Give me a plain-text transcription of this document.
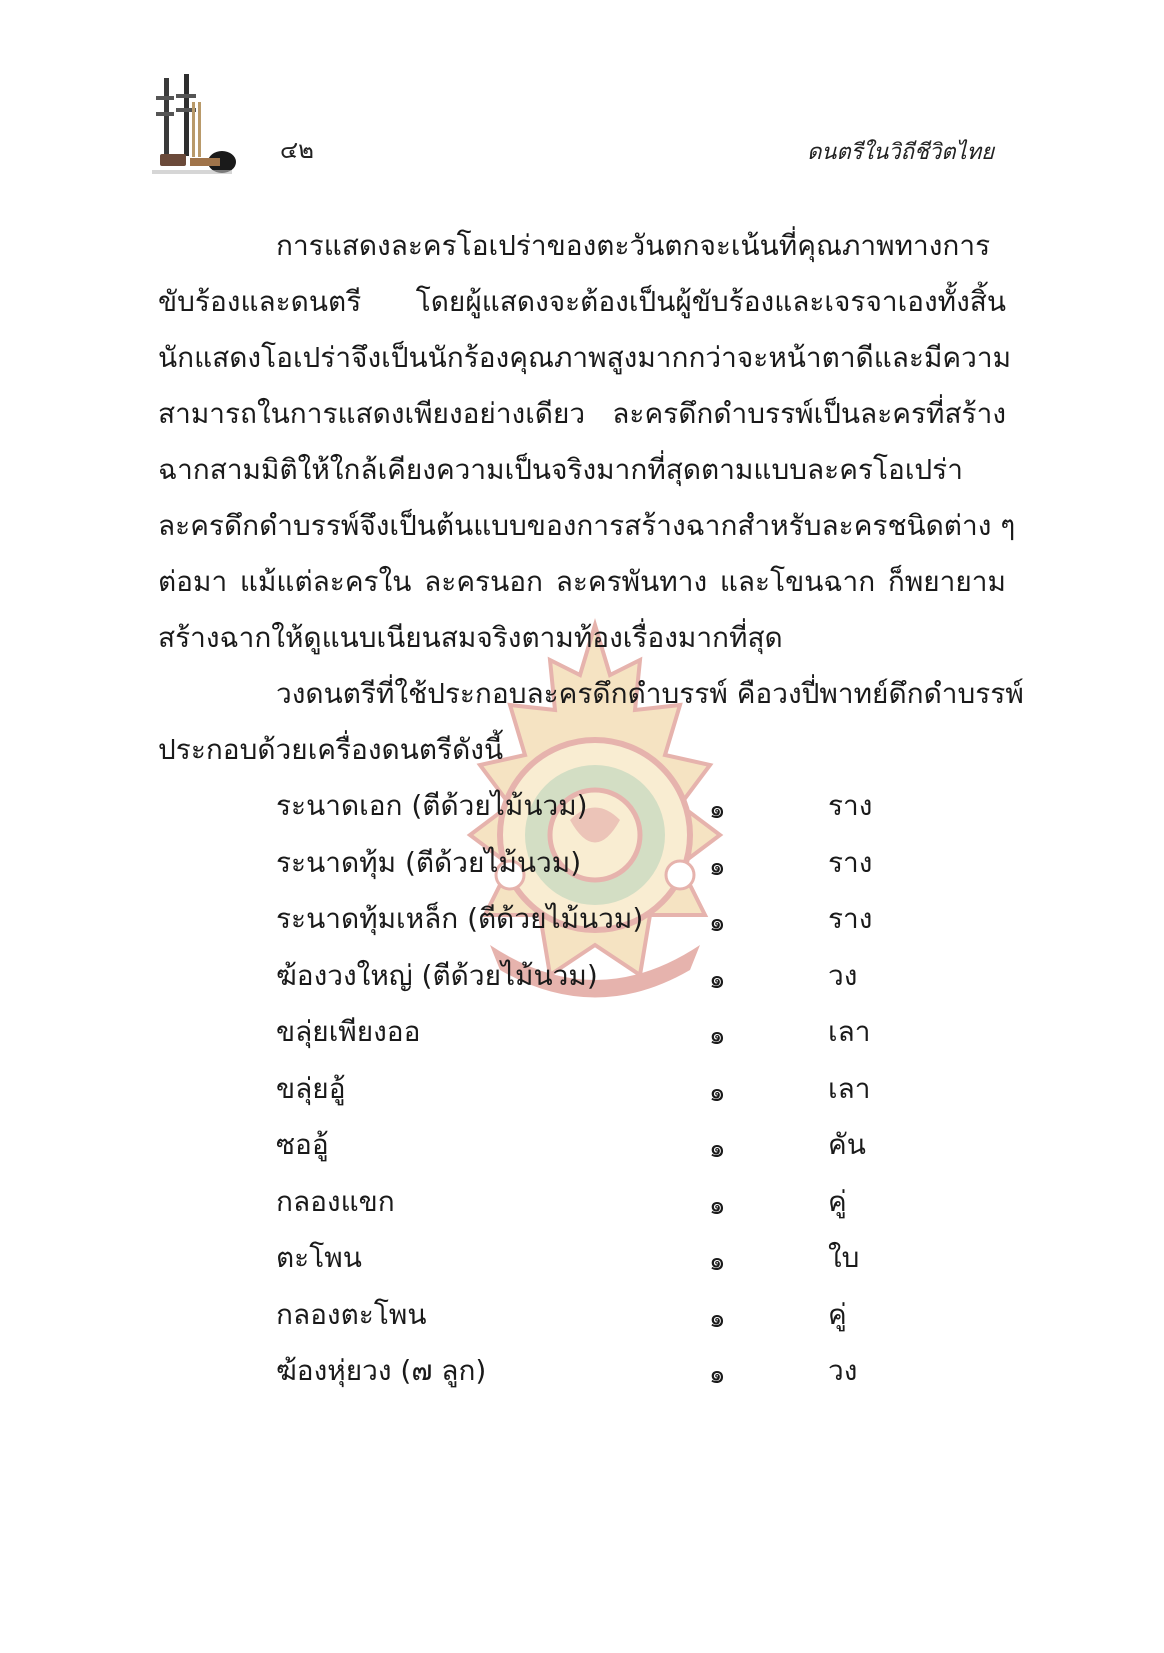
๔๒	ดนตรีในวิถีชีวิตไทย
การแสดงละครโอเปร่าของตะวันตกจะเน้นที่คุณภาพทางการ
ขับร้องและดนตรี โดยผู้แสดงจะต้องเป็นผู้ขับร้องและเจรจาเองทั้งสิ้น
นักแสดงโอเปร่าจึงเป็นนักร้องคุณภาพสูงมากกว่าจะหน้าตาดีและมีความ
สามารถในการแสดงเพียงอย่างเดียว ละครดึกดำบรรพ์เป็นละครที่สร้าง
ฉากสามมิติให้ใกล้เคียงความเป็นจริงมากที่สุดตามแบบละครโอเปร่า
ละครดึกดำบรรพ์จึงเป็นต้นแบบของการสร้างฉากสำหรับละครชนิดต่าง ๆ
ต่อมา แม้แต่ละครใน ละครนอก ละครพันทาง และโขนฉาก ก็พยายาม
สร้างฉากให้ดูแนบเนียนสมจริงตามท้องเรื่องมากที่สุด
วงดนตรีที่ใช้ประกอบละครดึกดำบรรพ์ คือวงปี่พาทย์ดึกดำบรรพ์
ประกอบด้วยเครื่องดนตรีดังนี้
ระนาดเอก (ตีด้วยไม้นวม)	๑	ราง
ระนาดทุ้ม (ตีด้วยไม้นวม)	๑	ราง
ระนาดทุ้มเหล็ก (ตีด้วยไม้นวม)	๑	ราง
ฆ้องวงใหญ่ (ตีด้วยไม้นวม)	๑	วง
ขลุ่ยเพียงออ	๑	เลา
ขลุ่ยอู้	๑	เลา
ซออู้	๑	คัน
กลองแขก	๑	คู่
ตะโพน	๑	ใบ
กลองตะโพน	๑	คู่
ฆ้องหุ่ยวง (๗ ลูก)	๑	วง
